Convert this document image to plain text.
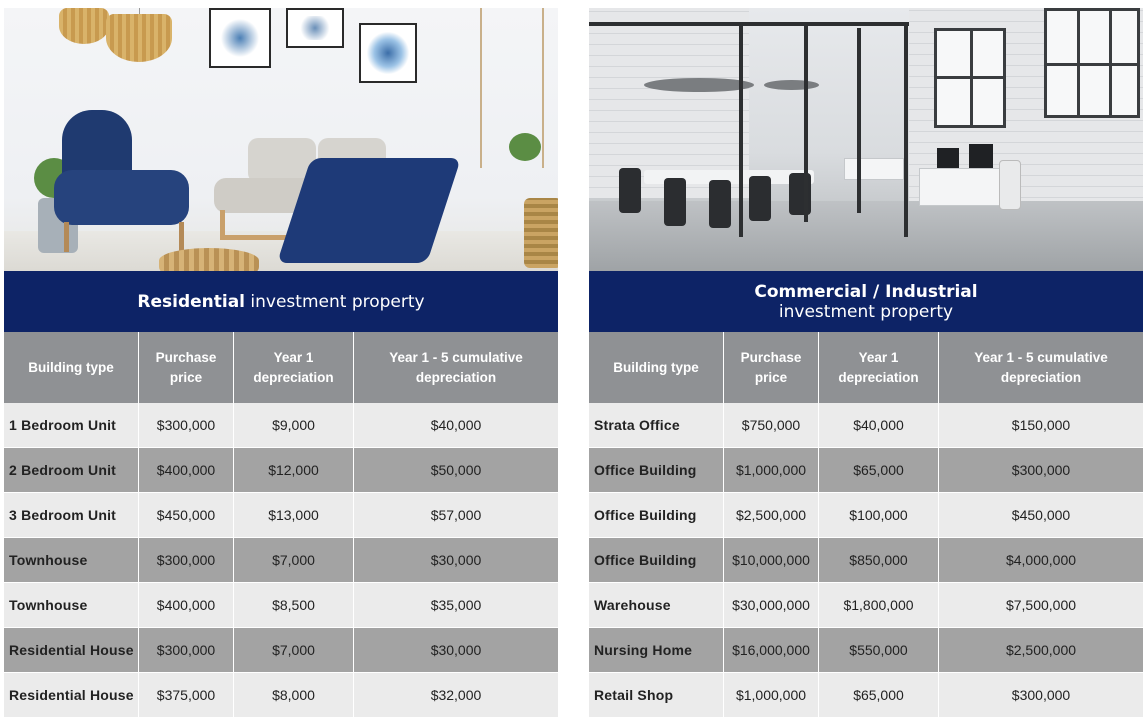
Residential investment property
Building type	Purchase price	Year 1 depreciation	Year 1 - 5 cumulative depreciation
1 Bedroom Unit	$300,000	$9,000	$40,000
2 Bedroom Unit	$400,000	$12,000	$50,000
3 Bedroom Unit	$450,000	$13,000	$57,000
Townhouse	$300,000	$7,000	$30,000
Townhouse	$400,000	$8,500	$35,000
Residential House	$300,000	$7,000	$30,000
Residential House	$375,000	$8,000	$32,000
Commercial / Industrial
investment property
Building type	Purchase price	Year 1 depreciation	Year 1 - 5 cumulative depreciation
Strata Office	$750,000	$40,000	$150,000
Office Building	$1,000,000	$65,000	$300,000
Office Building	$2,500,000	$100,000	$450,000
Office Building	$10,000,000	$850,000	$4,000,000
Warehouse	$30,000,000	$1,800,000	$7,500,000
Nursing Home	$16,000,000	$550,000	$2,500,000
Retail Shop	$1,000,000	$65,000	$300,000
